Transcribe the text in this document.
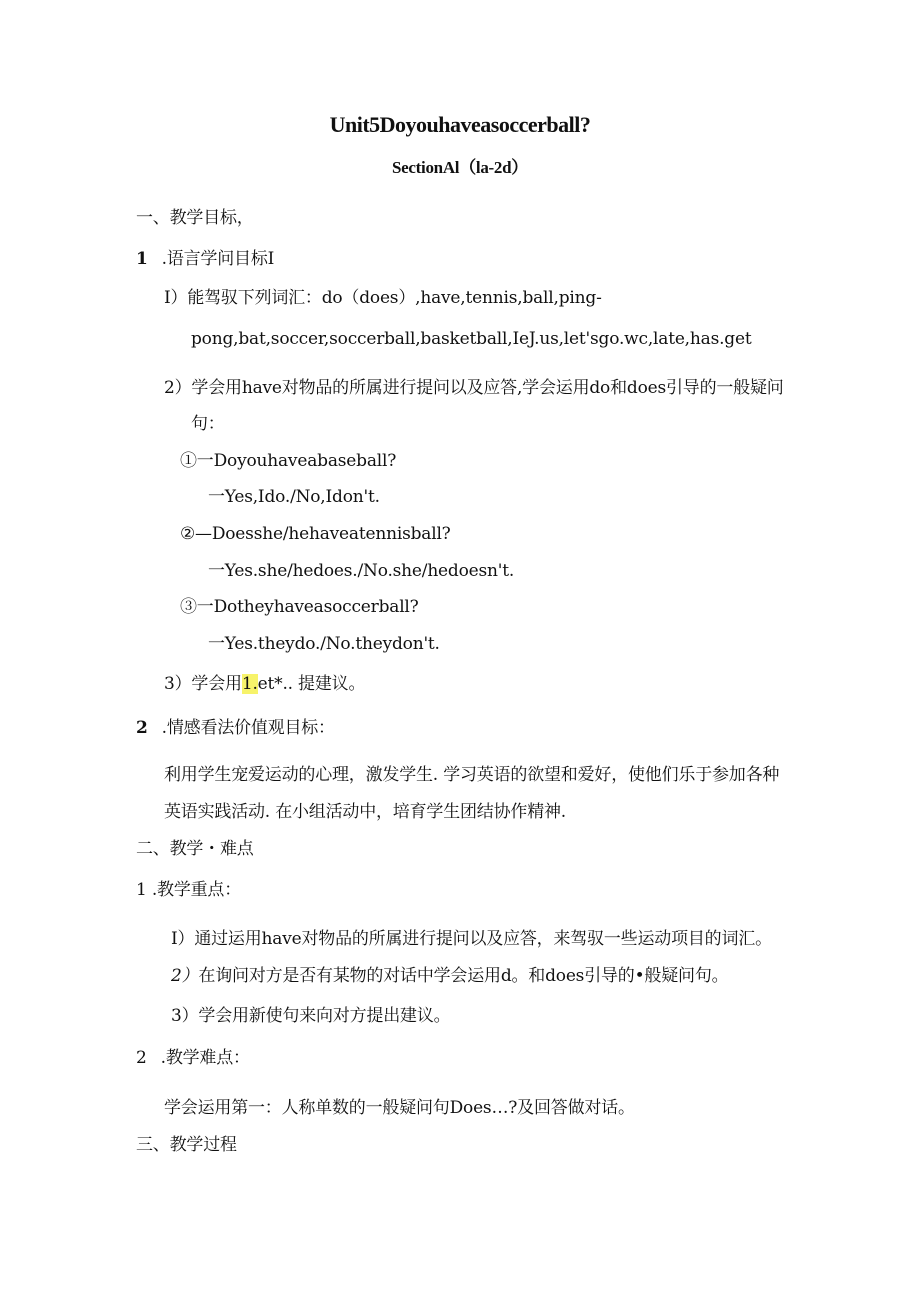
Unit5Doyouhaveasoccerball?
SectionAl（la-2d）
一、教学目标，
1 .语言学问目标I
I）能驾驭下列词汇：do（does）,have,tennis,ball,ping-
pong,bat,soccer,soccerball,basketball,IeJ.us,let'sgo.wc,late,has.get
2）学会用have对物品的所属进行提问以及应答,学会运用do和does引导的一般疑问
句：
①一Doyouhaveabaseball?
一Yes,Ido./No,Idon't.
②—Doesshe/hehaveatennisball?
一Yes.she/hedoes./No.she/hedoesn't.
③一Dotheyhaveasoccerball?
一Yes.theydo./No.theydon't.
3）学会用1.et*.. 提建议。
2 .情感看法价值观目标：
利用学生宠爱运动的心理，激发学生. 学习英语的欲望和爱好，使他们乐于参加各种
英语实践活动. 在小组活动中，培育学生团结协作精神.
二、教学・难点
1 .教学重点：
I）通过运用have对物品的所属进行提问以及应答，来驾驭一些运动项目的词汇。
2）在询问对方是否有某物的对话中学会运用d。和does引导的•般疑问句。
3）学会用新使句来向对方提出建议。
2 .教学难点：
学会运用第一：人称单数的一般疑问句Does…?及回答做对话。
三、教学过程
